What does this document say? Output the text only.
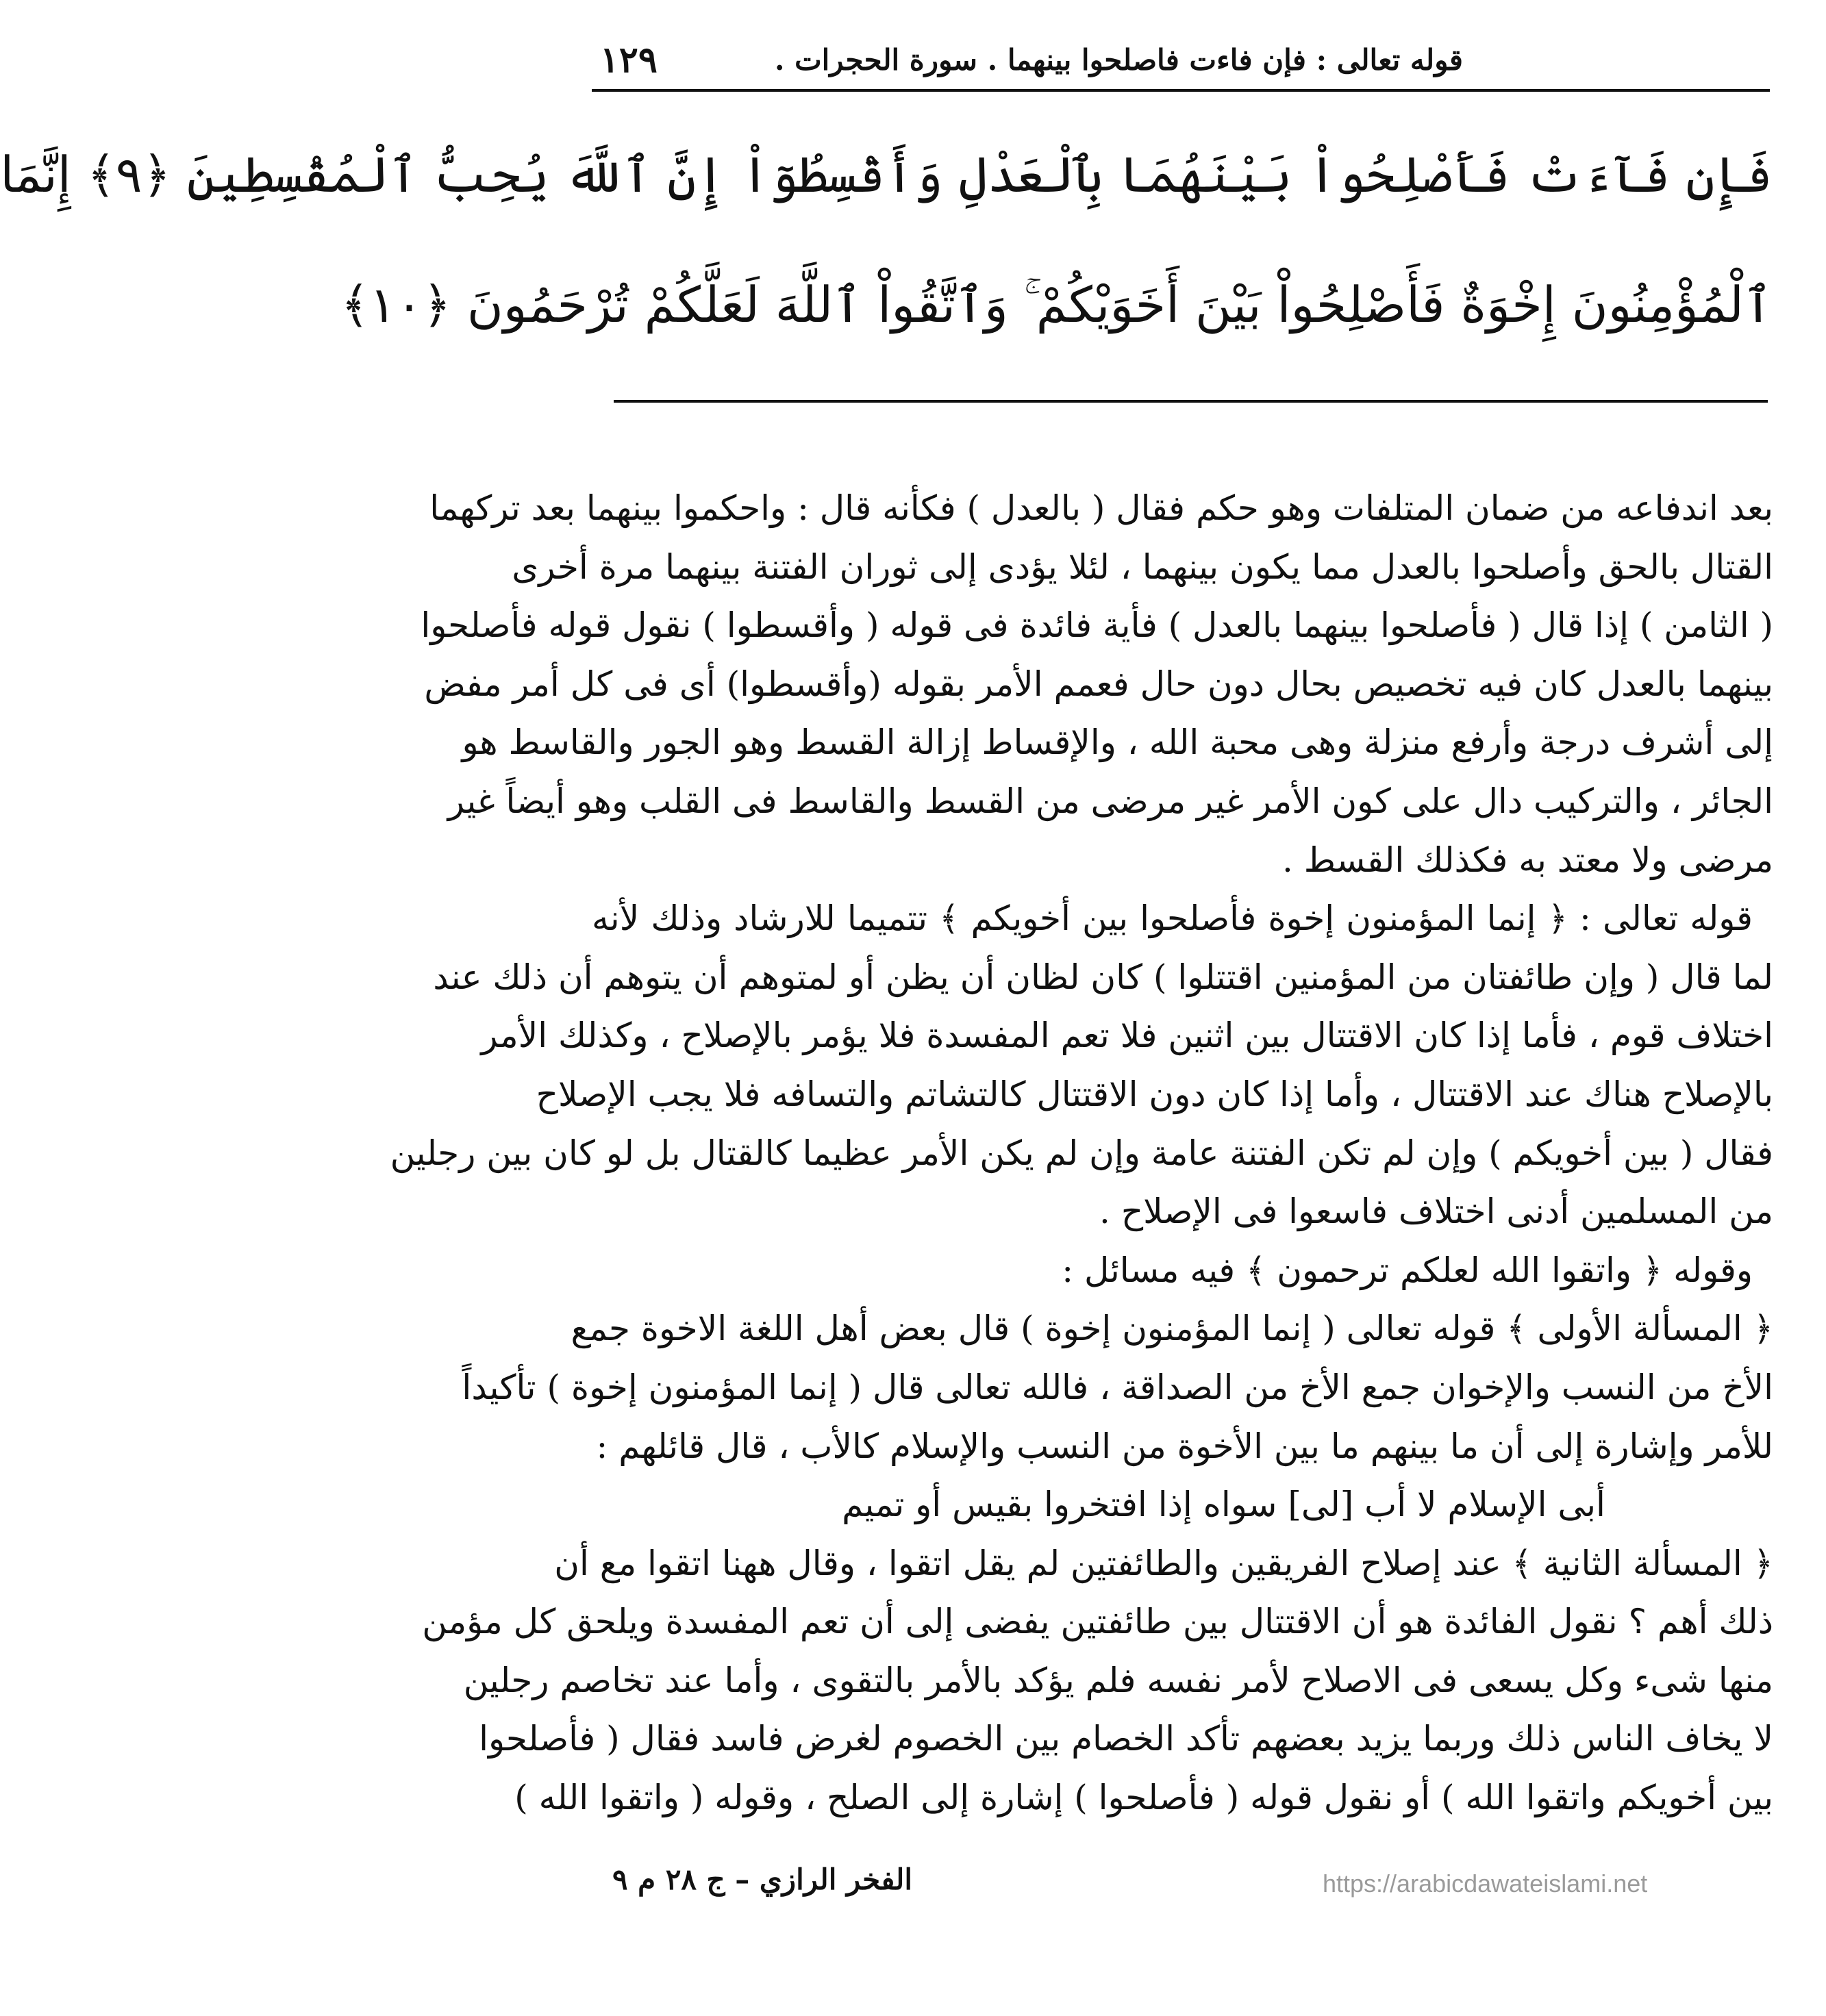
قوله تعالى : فإن فاءت فاصلحوا بينهما . سورة الحجرات .
١٢٩
فَإِن فَآءَتْ فَأَصْلِحُواْ بَيْنَهُمَا بِٱلْعَدْلِ وَأَقْسِطُوٓاْ إِنَّ ٱللَّهَ يُحِبُّ ٱلْمُقْسِطِينَ ﴿٩﴾ إِنَّمَا
ٱلْمُؤْمِنُونَ إِخْوَةٌ فَأَصْلِحُواْ بَيْنَ أَخَوَيْكُمْ ۚ وَٱتَّقُواْ ٱللَّهَ لَعَلَّكُمْ تُرْحَمُونَ ﴿١٠﴾
بعد اندفاعه من ضمان المتلفات وهو حكم فقال ( بالعدل ) فكأنه قال : واحكموا بينهما بعد تركهما
القتال بالحق وأصلحوا بالعدل مما يكون بينهما ، لئلا يؤدى إلى ثوران الفتنة بينهما مرة أخرى
( الثامن ) إذا قال ( فأصلحوا بينهما بالعدل ) فأية فائدة فى قوله ( وأقسطوا ) نقول قوله فأصلحوا
بينهما بالعدل كان فيه تخصيص بحال دون حال فعمم الأمر بقوله (وأقسطوا) أى فى كل أمر مفض
إلى أشرف درجة وأرفع منزلة وهى محبة الله ، والإقساط إزالة القسط وهو الجور والقاسط هو
الجائر ، والتركيب دال على كون الأمر غير مرضى من القسط والقاسط فى القلب وهو أيضاً غير
مرضى ولا معتد به فكذلك القسط .
قوله تعالى : ﴿ إنما المؤمنون إخوة فأصلحوا بين أخويكم ﴾ تتميما للارشاد وذلك لأنه
لما قال ( وإن طائفتان من المؤمنين اقتتلوا ) كان لظان أن يظن أو لمتوهم أن يتوهم أن ذلك عند
اختلاف قوم ، فأما إذا كان الاقتتال بين اثنين فلا تعم المفسدة فلا يؤمر بالإصلاح ، وكذلك الأمر
بالإصلاح هناك عند الاقتتال ، وأما إذا كان دون الاقتتال كالتشاتم والتسافه فلا يجب الإصلاح
فقال ( بين أخويكم ) وإن لم تكن الفتنة عامة وإن لم يكن الأمر عظيما كالقتال بل لو كان بين رجلين
من المسلمين أدنى اختلاف فاسعوا فى الإصلاح .
وقوله ﴿ واتقوا الله لعلكم ترحمون ﴾ فيه مسائل :
﴿ المسألة الأولى ﴾ قوله تعالى ( إنما المؤمنون إخوة ) قال بعض أهل اللغة الاخوة جمع
الأخ من النسب والإخوان جمع الأخ من الصداقة ، فالله تعالى قال ( إنما المؤمنون إخوة ) تأكيداً
للأمر وإشارة إلى أن ما بينهم ما بين الأخوة من النسب والإسلام كالأب ، قال قائلهم :
أبى الإسلام لا أب [لى] سواه إذا افتخروا بقيس أو تميم
﴿ المسألة الثانية ﴾ عند إصلاح الفريقين والطائفتين لم يقل اتقوا ، وقال ههنا اتقوا مع أن
ذلك أهم ؟ نقول الفائدة هو أن الاقتتال بين طائفتين يفضى إلى أن تعم المفسدة ويلحق كل مؤمن
منها شىء وكل يسعى فى الاصلاح لأمر نفسه فلم يؤكد بالأمر بالتقوى ، وأما عند تخاصم رجلين
لا يخاف الناس ذلك وربما يزيد بعضهم تأكد الخصام بين الخصوم لغرض فاسد فقال ( فأصلحوا
بين أخويكم واتقوا الله ) أو نقول قوله ( فأصلحوا ) إشارة إلى الصلح ، وقوله ( واتقوا الله )
الفخر الرازي – ج ٢٨ م ٩	https://arabicdawateislami.net
